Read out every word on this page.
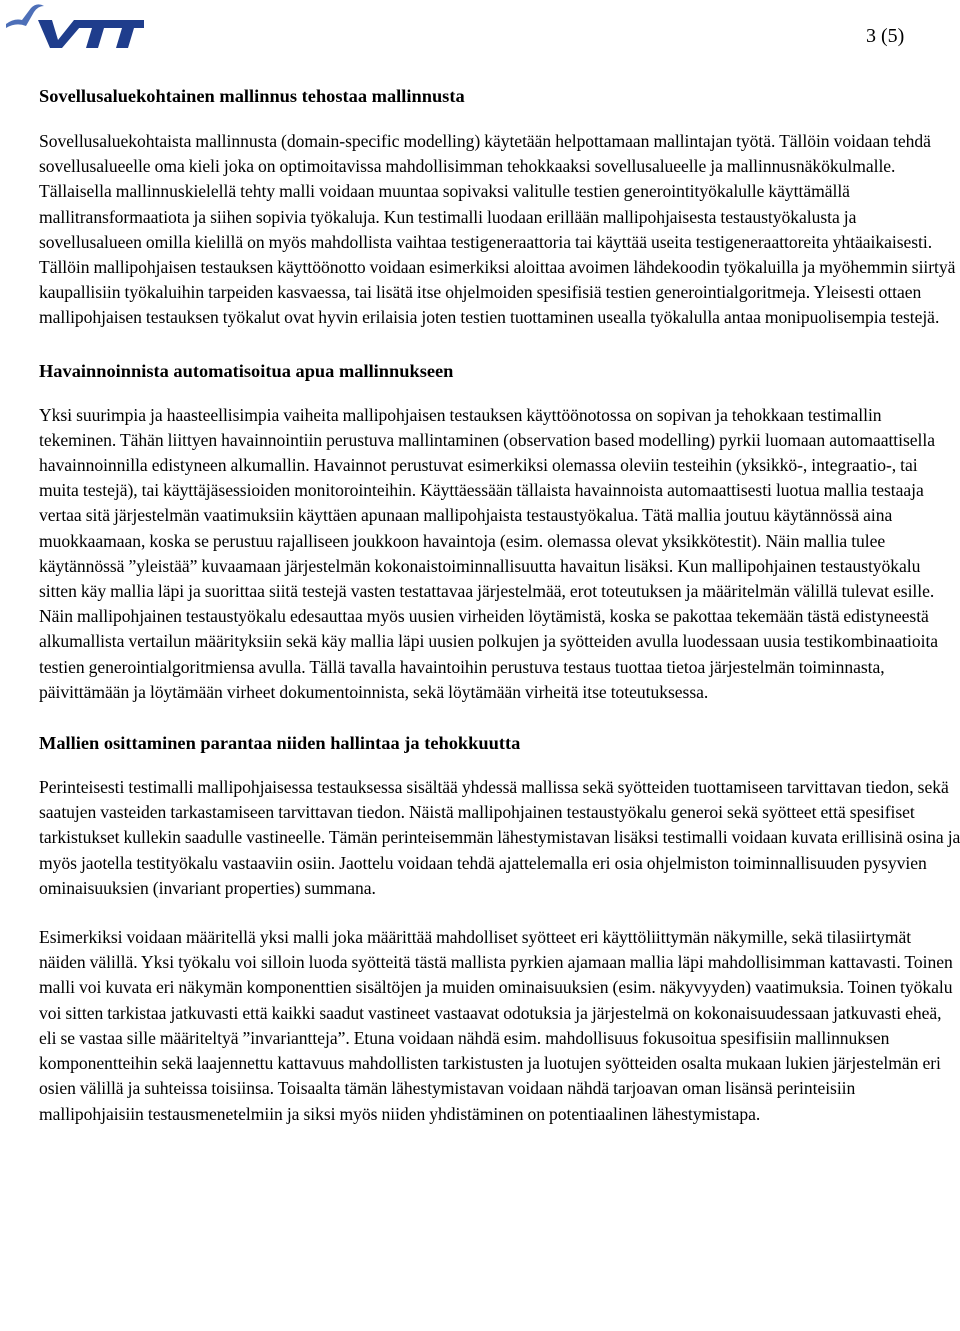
3 (5)
Sovellusaluekohtainen mallinnus tehostaa mallinnusta

Sovellusaluekohtaista mallinnusta (domain-specific modelling) käytetään helpottamaan mallintajan työtä. Tällöin voidaan tehdä sovellusalueelle oma kieli joka on optimoitavissa mahdollisimman tehokkaaksi sovellusalueelle ja mallinnusnäkökulmalle. Tällaisella mallinnuskielellä tehty malli voidaan muuntaa sopivaksi valitulle testien generointityökalulle käyttämällä mallitransformaatiota ja siihen sopivia työkaluja. Kun testimalli luodaan erillään mallipohjaisesta testaustyökalusta ja sovellusalueen omilla kielillä on myös mahdollista vaihtaa testigeneraattoria tai käyttää useita testigeneraattoreita yhtäaikaisesti. Tällöin mallipohjaisen testauksen käyttöönotto voidaan esimerkiksi aloittaa avoimen lähdekoodin työkaluilla ja myöhemmin siirtyä kaupallisiin työkaluihin tarpeiden kasvaessa, tai lisätä itse ohjelmoiden spesifisiä testien generointialgoritmeja. Yleisesti ottaen mallipohjaisen testauksen työkalut ovat hyvin erilaisia joten testien tuottaminen usealla työkalulla antaa monipuolisempia testejä.

Havainnoinnista automatisoitua apua mallinnukseen

Yksi suurimpia ja haasteellisimpia vaiheita mallipohjaisen testauksen käyttöönotossa on sopivan ja tehokkaan testimallin tekeminen. Tähän liittyen havainnointiin perustuva mallintaminen (observation based modelling) pyrkii luomaan automaattisella havainnoinnilla edistyneen alkumallin. Havainnot perustuvat esimerkiksi olemassa oleviin testeihin (yksikkö-, integraatio-, tai muita testejä), tai käyttäjäsessioiden monitorointeihin. Käyttäessään tällaista havainnoista automaattisesti luotua mallia testaaja vertaa sitä järjestelmän vaatimuksiin käyttäen apunaan mallipohjaista testaustyökalua. Tätä mallia joutuu käytännössä aina muokkaamaan, koska se perustuu rajalliseen joukkoon havaintoja (esim. olemassa olevat yksikkötestit). Näin mallia tulee käytännössä ”yleistää” kuvaamaan järjestelmän kokonaistoiminnallisuutta havaitun lisäksi. Kun mallipohjainen testaustyökalu sitten käy mallia läpi ja suorittaa siitä testejä vasten testattavaa järjestelmää, erot toteutuksen ja määritelmän välillä tulevat esille. Näin mallipohjainen testaustyökalu edesauttaa myös uusien virheiden löytämistä, koska se pakottaa tekemään tästä edistyneestä alkumallista vertailun määrityksiin sekä käy mallia läpi uusien polkujen ja syötteiden avulla luodessaan uusia testikombinaatioita testien generointialgoritmiensa avulla. Tällä tavalla havaintoihin perustuva testaus tuottaa tietoa järjestelmän toiminnasta, päivittämään ja löytämään virheet dokumentoinnista, sekä löytämään virheitä itse toteutuksessa.

Mallien osittaminen parantaa niiden hallintaa ja tehokkuutta

Perinteisesti testimalli mallipohjaisessa testauksessa sisältää yhdessä mallissa sekä syötteiden tuottamiseen tarvittavan tiedon, sekä saatujen vasteiden tarkastamiseen tarvittavan tiedon. Näistä mallipohjainen testaustyökalu generoi sekä syötteet että spesifiset tarkistukset kullekin saadulle vastineelle. Tämän perinteisemmän lähestymistavan lisäksi testimalli voidaan kuvata erillisinä osina ja myös jaotella testityökalu vastaaviin osiin. Jaottelu voidaan tehdä ajattelemalla eri osia ohjelmiston toiminnallisuuden pysyvien ominaisuuksien (invariant properties) summana.

Esimerkiksi voidaan määritellä yksi malli joka määrittää mahdolliset syötteet eri käyttöliittymän näkymille, sekä tilasiirtymät näiden välillä. Yksi työkalu voi silloin luoda syötteitä tästä mallista pyrkien ajamaan mallia läpi mahdollisimman kattavasti. Toinen malli voi kuvata eri näkymän komponenttien sisältöjen ja muiden ominaisuuksien (esim. näkyvyyden) vaatimuksia. Toinen työkalu voi sitten tarkistaa jatkuvasti että kaikki saadut vastineet vastaavat odotuksia ja järjestelmä on kokonaisuudessaan jatkuvasti eheä, eli se vastaa sille määriteltyä ”invariantteja”. Etuna voidaan nähdä esim. mahdollisuus fokusoitua spesifisiin mallinnuksen komponentteihin sekä laajennettu kattavuus mahdollisten tarkistusten ja luotujen syötteiden osalta mukaan lukien järjestelmän eri osien välillä ja suhteissa toisiinsa. Toisaalta tämän lähestymistavan voidaan nähdä tarjoavan oman lisänsä perinteisiin mallipohjaisiin testausmenetelmiin ja siksi myös niiden yhdistäminen on potentiaalinen lähestymistapa.
